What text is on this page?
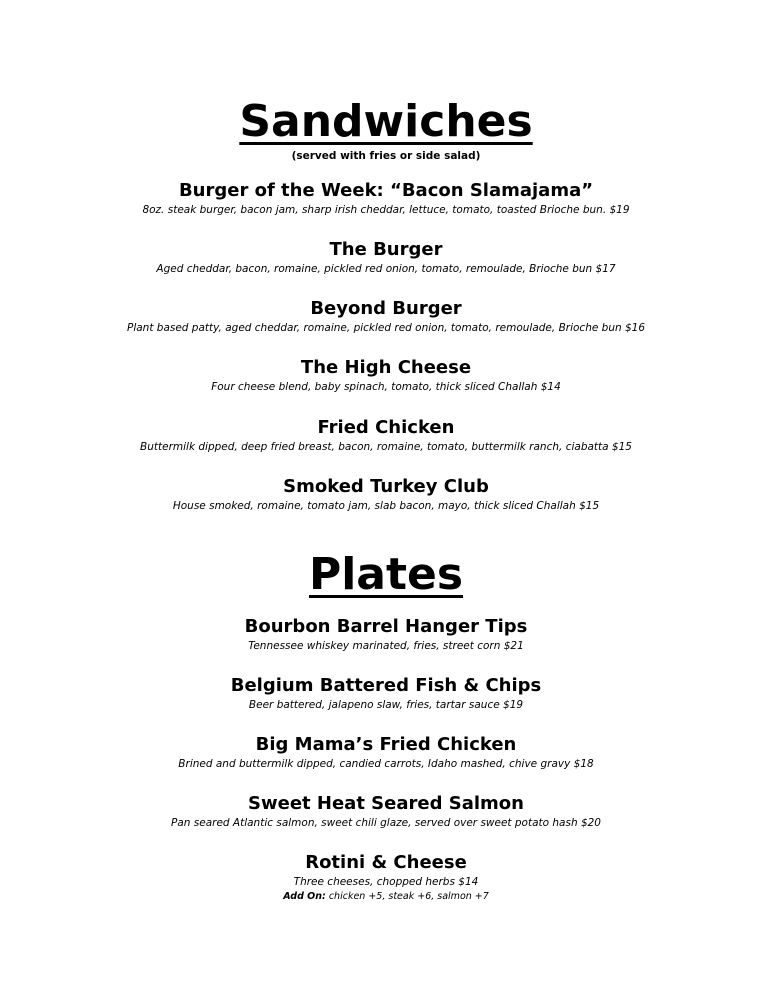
Sandwiches
(served with fries or side salad)
Burger of the Week: “Bacon Slamajama”
8oz. steak burger, bacon jam, sharp irish cheddar, lettuce, tomato, toasted Brioche bun. $19
The Burger
Aged cheddar, bacon, romaine, pickled red onion, tomato, remoulade, Brioche bun $17
Beyond Burger
Plant based patty, aged cheddar, romaine, pickled red onion, tomato, remoulade, Brioche bun $16
The High Cheese
Four cheese blend, baby spinach, tomato, thick sliced Challah $14
Fried Chicken
Buttermilk dipped, deep fried breast, bacon, romaine, tomato, buttermilk ranch, ciabatta $15
Smoked Turkey Club
House smoked, romaine, tomato jam, slab bacon, mayo, thick sliced Challah $15
Plates
Bourbon Barrel Hanger Tips
Tennessee whiskey marinated, fries, street corn $21
Belgium Battered Fish & Chips
Beer battered, jalapeno slaw, fries, tartar sauce $19
Big Mama’s Fried Chicken
Brined and buttermilk dipped, candied carrots, Idaho mashed, chive gravy $18
Sweet Heat Seared Salmon
Pan seared Atlantic salmon, sweet chili glaze, served over sweet potato hash $20
Rotini & Cheese
Three cheeses, chopped herbs $14
Add On: chicken +5, steak +6, salmon +7
